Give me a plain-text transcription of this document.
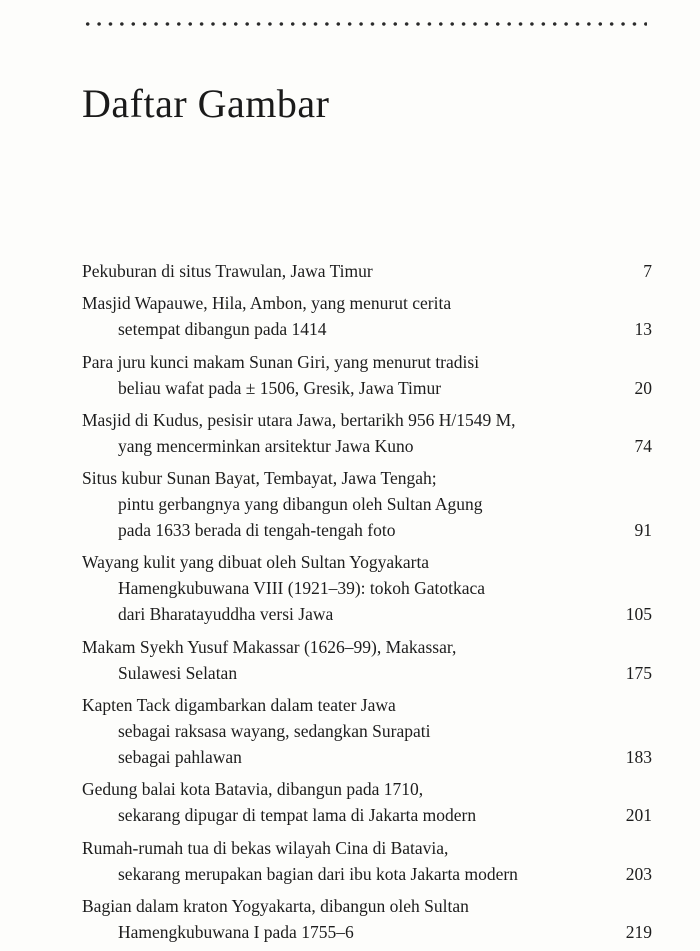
Daftar Gambar
Pekuburan di situs Trawulan, Jawa Timur	7
Masjid Wapauwe, Hila, Ambon, yang menurut cerita
setempat dibangun pada 1414	13
Para juru kunci makam Sunan Giri, yang menurut tradisi
beliau wafat pada ± 1506, Gresik, Jawa Timur	20
Masjid di Kudus, pesisir utara Jawa, bertarikh 956 H/1549 M,
yang mencerminkan arsitektur Jawa Kuno	74
Situs kubur Sunan Bayat, Tembayat, Jawa Tengah;
pintu gerbangnya yang dibangun oleh Sultan Agung
pada 1633 berada di tengah-tengah foto	91
Wayang kulit yang dibuat oleh Sultan Yogyakarta
Hamengkubuwana VIII (1921–39): tokoh Gatotkaca
dari Bharatayuddha versi Jawa	105
Makam Syekh Yusuf Makassar (1626–99), Makassar,
Sulawesi Selatan	175
Kapten Tack digambarkan dalam teater Jawa
sebagai raksasa wayang, sedangkan Surapati
sebagai pahlawan	183
Gedung balai kota Batavia, dibangun pada 1710,
sekarang dipugar di tempat lama di Jakarta modern	201
Rumah-rumah tua di bekas wilayah Cina di Batavia,
sekarang merupakan bagian dari ibu kota Jakarta modern	203
Bagian dalam kraton Yogyakarta, dibangun oleh Sultan
Hamengkubuwana I pada 1755–6	219
